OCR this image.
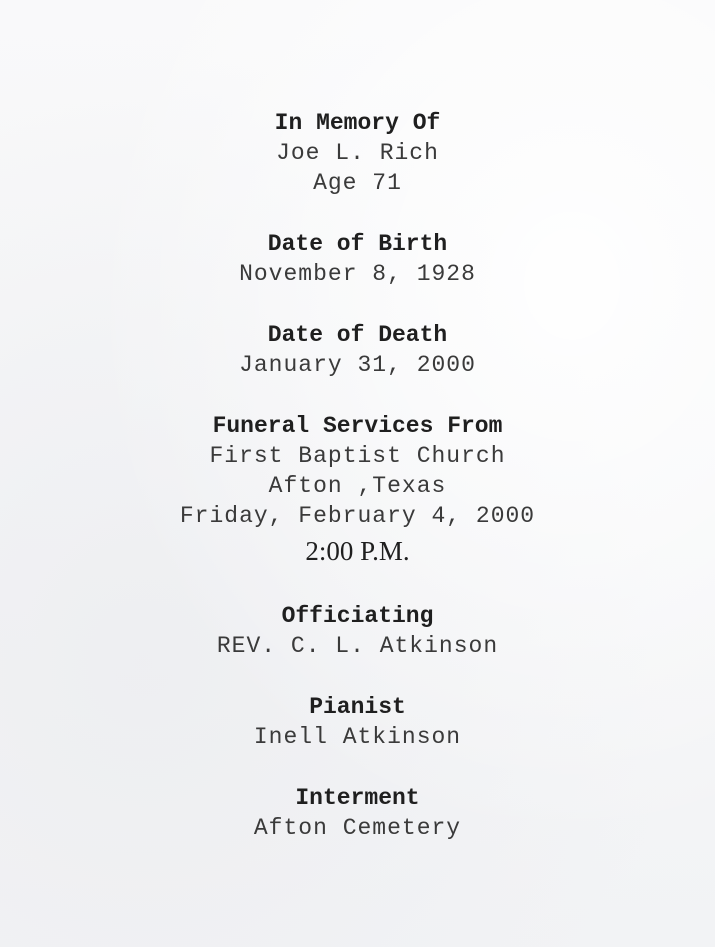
In Memory Of
Joe L. Rich
Age 71
Date of Birth
November 8, 1928
Date of Death
January 31, 2000
Funeral Services From
First Baptist Church
Afton ,Texas
Friday, February 4, 2000
2:00 P.M.
Officiating
REV. C. L. Atkinson
Pianist
Inell Atkinson
Interment
Afton Cemetery
